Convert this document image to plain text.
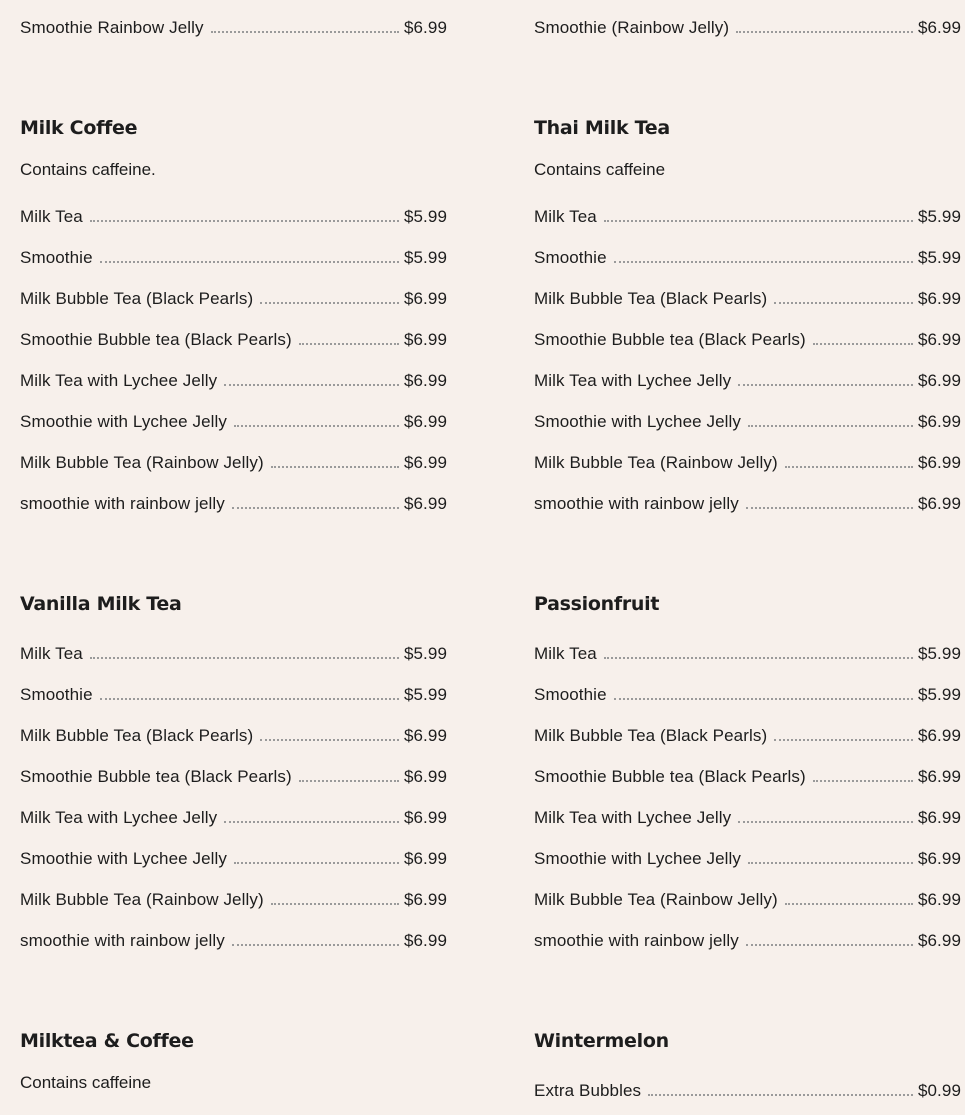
Smoothie Rainbow Jelly	$6.99
Milk Coffee
Contains caffeine.
Milk Tea	$5.99
Smoothie	$5.99
Milk Bubble Tea (Black Pearls)	$6.99
Smoothie Bubble tea (Black Pearls)	$6.99
Milk Tea with Lychee Jelly	$6.99
Smoothie with Lychee Jelly	$6.99
Milk Bubble Tea (Rainbow Jelly)	$6.99
smoothie with rainbow jelly	$6.99
Vanilla Milk Tea
Milk Tea	$5.99
Smoothie	$5.99
Milk Bubble Tea (Black Pearls)	$6.99
Smoothie Bubble tea (Black Pearls)	$6.99
Milk Tea with Lychee Jelly	$6.99
Smoothie with Lychee Jelly	$6.99
Milk Bubble Tea (Rainbow Jelly)	$6.99
smoothie with rainbow jelly	$6.99
Milktea & Coffee
Contains caffeine
Smoothie (Rainbow Jelly)	$6.99
Thai Milk Tea
Contains caffeine
Milk Tea	$5.99
Smoothie	$5.99
Milk Bubble Tea (Black Pearls)	$6.99
Smoothie Bubble tea (Black Pearls)	$6.99
Milk Tea with Lychee Jelly	$6.99
Smoothie with Lychee Jelly	$6.99
Milk Bubble Tea (Rainbow Jelly)	$6.99
smoothie with rainbow jelly	$6.99
Passionfruit
Milk Tea	$5.99
Smoothie	$5.99
Milk Bubble Tea (Black Pearls)	$6.99
Smoothie Bubble tea (Black Pearls)	$6.99
Milk Tea with Lychee Jelly	$6.99
Smoothie with Lychee Jelly	$6.99
Milk Bubble Tea (Rainbow Jelly)	$6.99
smoothie with rainbow jelly	$6.99
Wintermelon
Extra Bubbles	$0.99
